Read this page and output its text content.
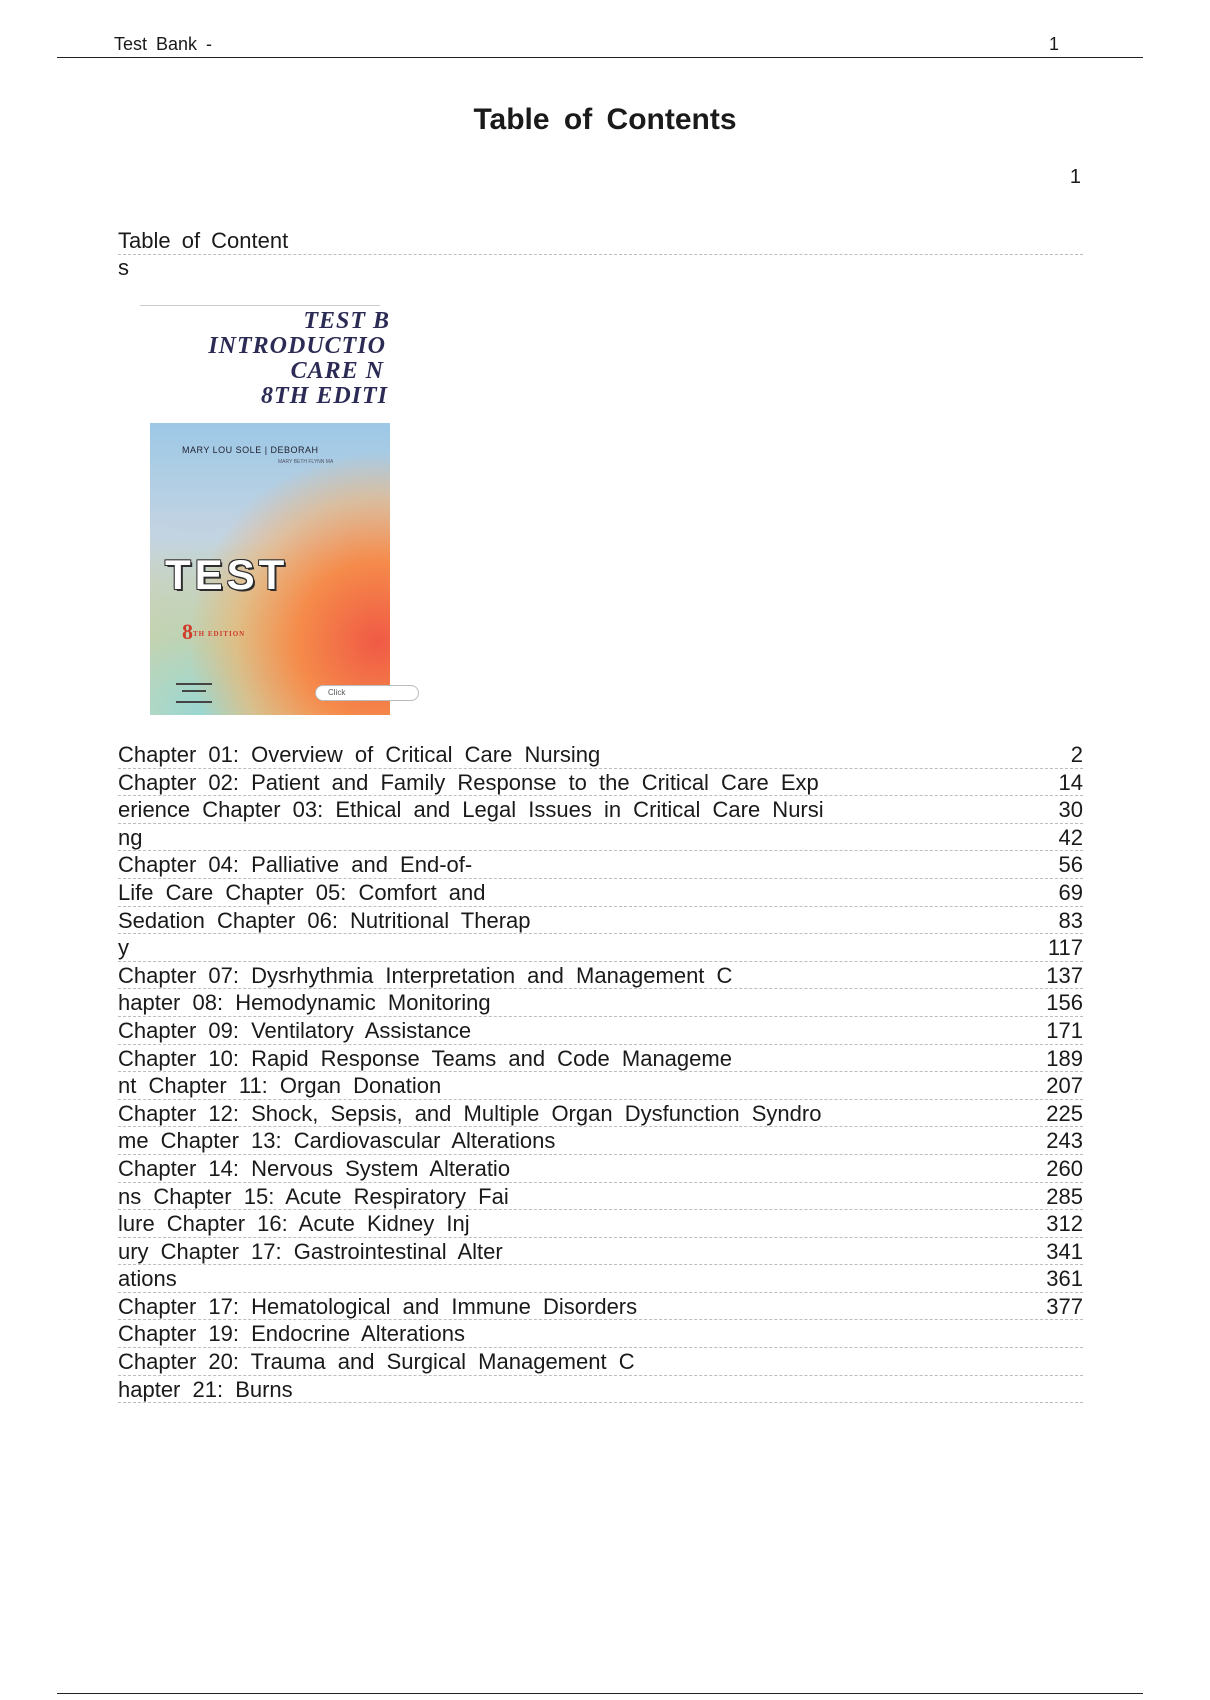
Test Bank -	1
Table of Contents
1
Table of Content
s
TEST B
INTRODUCTIO
CARE N
8TH EDITI
MARY LOU SOLE | DEBORAH
MARY BETH FLYNN MA
TEST
8TH EDITION
Click
Chapter 01: Overview of Critical Care Nursing	2
Chapter 02: Patient and Family Response to the Critical Care Exp	14
erience Chapter 03: Ethical and Legal Issues in Critical Care Nursi	30
ng	42
Chapter 04: Palliative and End-of-	56
Life Care Chapter 05: Comfort and	69
Sedation Chapter 06: Nutritional Therap	83
y	117
Chapter 07: Dysrhythmia Interpretation and Management C	137
hapter 08: Hemodynamic Monitoring	156
Chapter 09: Ventilatory Assistance	171
Chapter 10: Rapid Response Teams and Code Manageme	189
nt Chapter 11: Organ Donation	207
Chapter 12: Shock, Sepsis, and Multiple Organ Dysfunction Syndro	225
me Chapter 13: Cardiovascular Alterations	243
Chapter 14: Nervous System Alteratio	260
ns Chapter 15: Acute Respiratory Fai	285
lure Chapter 16: Acute Kidney Inj	312
ury Chapter 17: Gastrointestinal Alter	341
ations	361
Chapter 17: Hematological and Immune Disorders	377
Chapter 19: Endocrine Alterations
Chapter 20: Trauma and Surgical Management C
hapter 21: Burns
